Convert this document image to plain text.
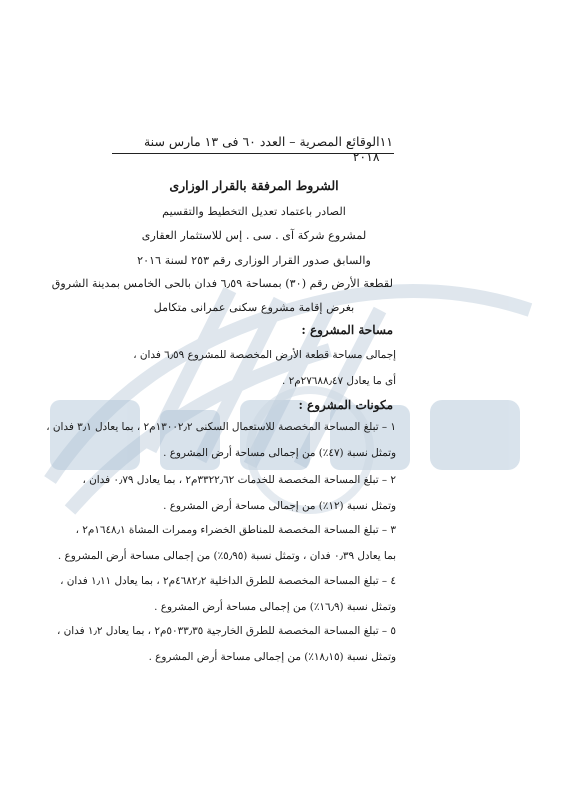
١١
الوقائع المصرية – العدد ٦٠ فى ١٣ مارس سنة ٢٠١٨
الشروط المرفقة بالقرار الوزارى
الصادر باعتماد تعديل التخطيط والتقسيم
لمشروع شركة آى . سى . إس للاستثمار العقارى
والسابق صدور القرار الوزارى رقم ٢٥٣ لسنة ٢٠١٦
لقطعة الأرض رقم (٣٠) بمساحة ٦٫٥٩ فدان بالحى الخامس بمدينة الشروق
بغرض إقامة مشروع سكنى عمرانى متكامل
مساحة المشروع :
إجمالى مساحة قطعة الأرض المخصصة للمشروع ٦٫٥٩ فدان ،
أى ما يعادل ٢٧٦٨٨٫٤٧م٢ .
مكونات المشروع :
١ – تبلغ المساحة المخصصة للاستعمال السكنى ١٣٠٠٢٫٢م٢ ، بما يعادل ٣٫١ فدان ،
وتمثل نسبة (٤٧٪) من إجمالى مساحة أرض المشروع .
٢ – تبلغ المساحة المخصصة للخدمات ٣٣٢٢٫٦٢م٢ ، بما يعادل ٠٫٧٩ فدان ،
وتمثل نسبة (١٢٪) من إجمالى مساحة أرض المشروع .
٣ – تبلغ المساحة المخصصة للمناطق الخضراء وممرات المشاة ١٦٤٨٫١م٢ ،
بما يعادل ٠٫٣٩ فدان ، وتمثل نسبة (٥٫٩٥٪) من إجمالى مساحة أرض المشروع .
٤ – تبلغ المساحة المخصصة للطرق الداخلية ٤٦٨٢٫٢م٢ ، بما يعادل ١٫١١ فدان ،
وتمثل نسبة (١٦٫٩٪) من إجمالى مساحة أرض المشروع .
٥ – تبلغ المساحة المخصصة للطرق الخارجية ٥٠٣٣٫٣٥م٢ ، بما يعادل ١٫٢ فدان ،
وتمثل نسبة (١٨٫١٥٪) من إجمالى مساحة أرض المشروع .
